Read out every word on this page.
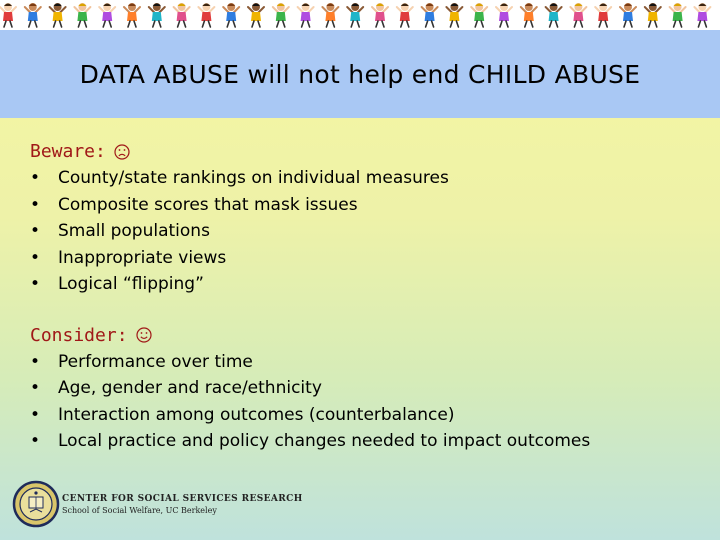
DATA ABUSE will not help end CHILD ABUSE
Beware:
•	County/state rankings on individual measures
•	Composite scores that mask issues
•	Small populations
•	Inappropriate views
•	Logical “flipping”
Consider:
•	Performance over time
•	Age, gender and race/ethnicity
•	Interaction among outcomes (counterbalance)
•	Local practice and policy changes needed to impact outcomes
CENTER FOR SOCIAL SERVICES RESEARCH
School of Social Welfare, UC Berkeley
